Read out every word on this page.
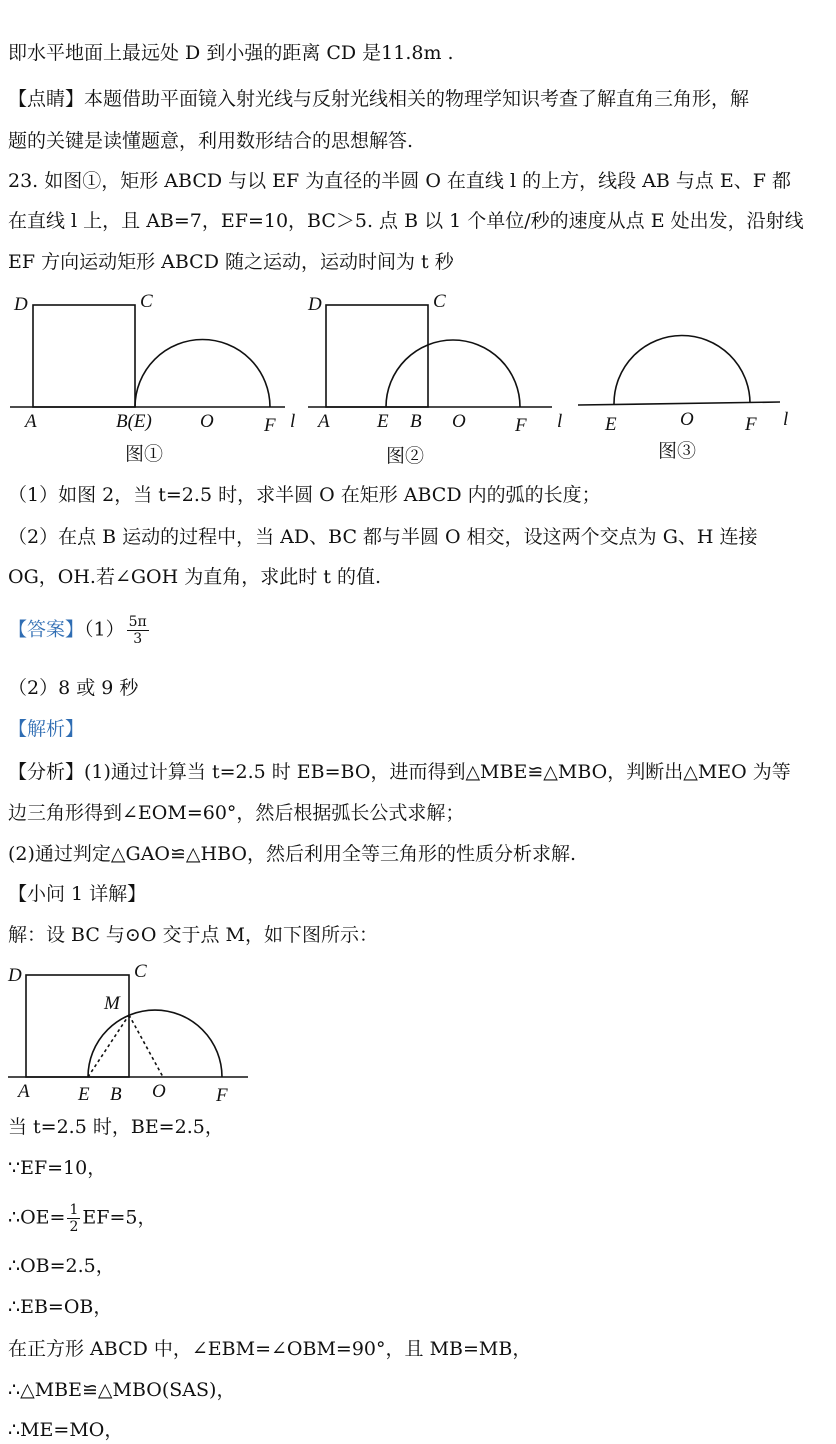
即水平地面上最远处 D 到小强的距离 CD 是11.8m .
【点睛】本题借助平面镜入射光线与反射光线相关的物理学知识考查了解直角三角形，解
题的关键是读懂题意，利用数形结合的思想解答.
23. 如图①，矩形 ABCD 与以 EF 为直径的半圆 O 在直线 l 的上方，线段 AB 与点 E、F 都
在直线 l 上，且 AB=7，EF=10，BC＞5. 点 B 以 1 个单位/秒的速度从点 E 处出发，沿射线
EF 方向运动矩形 ABCD 随之运动，运动时间为 t 秒
D	C
A	B(E)	O	F l
D	C
A E B O	F l E	O	F l
图①	图②	图③
（1）如图 2，当 t=2.5 时，求半圆 O 在矩形 ABCD 内的弧的长度；
（2）在点 B 运动的过程中，当 AD、BC 都与半圆 O 相交，设这两个交点为 G、H 连接
OG，OH.若∠GOH 为直角，求此时 t 的值.
【答案】$(1) \frac{5\pi}{3}$
（2）8 或 9 秒
【解析】
【分析】(1)通过计算当 t=2.5 时 EB=BO，进而得到△MBE≌△MBO，判断出△MEO 为等
边三角形得到∠EOM=60°，然后根据弧长公式求解；
(2)通过判定△GAO≌△HBO，然后利用全等三角形的性质分析求解.
【小问 1 详解】
解：设 BC 与⊙O 交于点 M，如下图所示：
D	C
M
A	E B O	F
当 t=2.5 时，BE=2.5，
∵EF=10，
∴OE= $\frac{1}{2} EF=5$，
∴OB=2.5，
∴EB=OB，
在正方形 ABCD 中，∠EBM=∠OBM=90°，且 MB=MB，
∴△MBE≌△MBO(SAS)，
∴ME=MO，
